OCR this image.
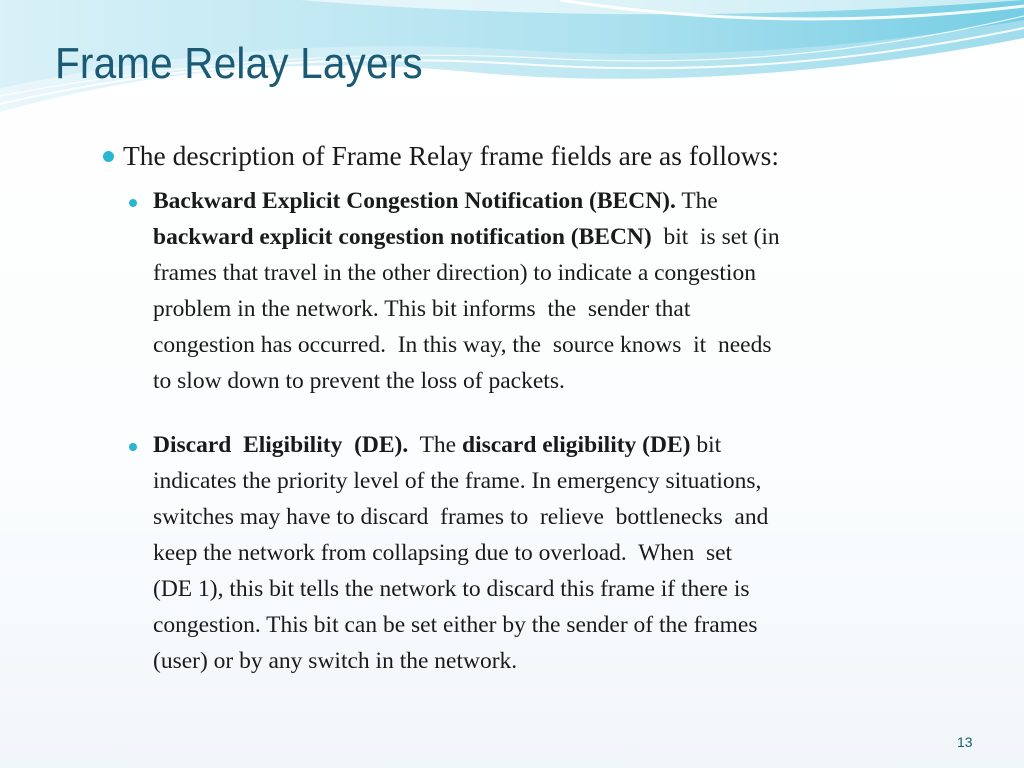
Frame Relay Layers
The description of Frame Relay frame fields are as follows:
Backward Explicit Congestion Notification (BECN). The
backward explicit congestion notification (BECN)  bit  is set (in
frames that travel in the other direction) to indicate a congestion
problem in the network. This bit informs  the  sender that
congestion has occurred.  In this way, the  source knows  it  needs
to slow down to prevent the loss of packets.
Discard  Eligibility  (DE).  The discard eligibility (DE) bit
indicates the priority level of the frame. In emergency situations,
switches may have to discard  frames to  relieve  bottlenecks  and
keep the network from collapsing due to overload.  When  set
(DE 1), this bit tells the network to discard this frame if there is
congestion. This bit can be set either by the sender of the frames
(user) or by any switch in the network.
13
